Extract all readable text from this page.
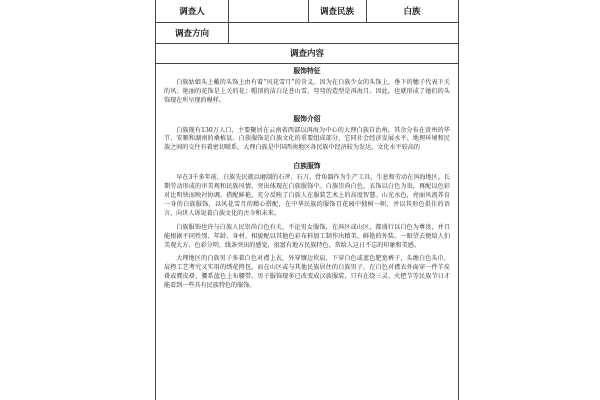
调查人	调查民族	白族
调查方向
调查内容
服饰特征

白族姑娘头上戴的头饰上由有着“风花雪月”的含义。因为在白族少女的头饰上，垂下的穗子代表下关的风；艳丽的花饰是上关的花；帽顶的洁白是苍山雪，弯弯的造型是洱海月。因此，也就形成了她们的头饰现在所呈现的模样。

服饰介绍

白族现有130万人口，主要聚居在云南省西部以洱海为中心的大理白族自治州，其余分布在贵州的毕节、安顺和湖南的桑植县。白族服饰是白族文化的重要组成部分，它同社会经济发展水平、地理环境和民族之间的交往有着密切联系。大理白族是中国西南地区各民族中经济较为发达、文化水平较高的

白族服饰

早在3千多年前，白族先民就以磨制的石斧、石刀、骨角器作为生产工具，生息和劳动在洱海地区。长期劳动形成的审美观和民族风情，突出体现在白族服饰中。白族崇尚白色，衣饰以白色为贵，再配以色彩对比明快而映衬协调，搭配鲜艳，充分反映了白族人在服装艺术上的高度智慧。山光水色，亮丽风流养育一身的白族服饰，以风花雪月的精心搭配，在中华民族的服饰百花园中独树一帜，并以其形色俱佳的语言，向世人诉说着白族文化的古今和未来。

白族服饰也许与白族人民崇尚白色有关，不论男女服饰，在洱区或山区，都盛行以白色为尊贵，并且能根据不同性别、年龄、身材、相貌配以其他色彩布料加工制作出精美、鲜艳的外装。一眼望去便给人们美观大方、色彩分明、线条突出的感觉，很富有地方民族特色，常给人这日不忘的印象和美感。

大理地区的白族男子多着白色对襟上衣，外穿镶边坎肩，下穿白色或蓝色肥宽裤子，头缠白色头巾，肩挎工艺考究又实用的绣花挎包。而在山区或与其他民族居住的白族男子，在白色对襟衣外面穿一件羊皮褂或麂皮褂，腰系蓝色上布腰带。男子服饰现多已改变成汉族服装，只有在绕三灵、火把节等民族节日才能看到一些具有民族特色的服饰。
